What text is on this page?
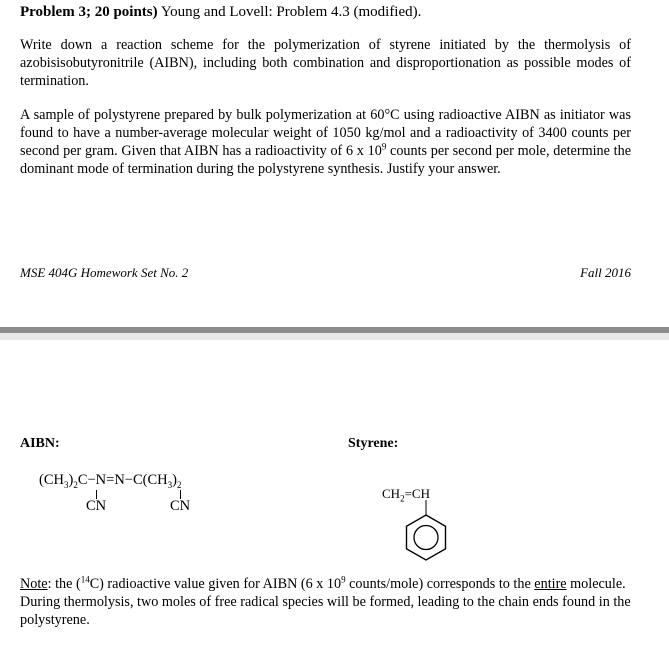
Problem 3; 20 points) Young and Lovell: Problem 4.3 (modified).
Write down a reaction scheme for the polymerization of styrene initiated by the thermolysis of azobisisobutyronitrile (AIBN), including both combination and disproportionation as possible modes of termination.
A sample of polystyrene prepared by bulk polymerization at 60°C using radioactive AIBN as initiator was found to have a number-average molecular weight of 1050 kg/mol and a radioactivity of 3400 counts per second per gram. Given that AIBN has a radioactivity of 6 x $10^9$ counts per second per mole, determine the dominant mode of termination during the polystyrene synthesis. Justify your answer.
MSE 404G Homework Set No. 2	Fall 2016
AIBN:	Styrene:
$(CH_3)_2C-N=N-C(CH_3)_2$
CN	CN
$CH_2=CH$
Note: the ($^{14}$C) radioactive value given for AIBN (6 x $10^9$ counts/mole) corresponds to the entire molecule. During thermolysis, two moles of free radical species will be formed, leading to the chain ends found in the polystyrene.
